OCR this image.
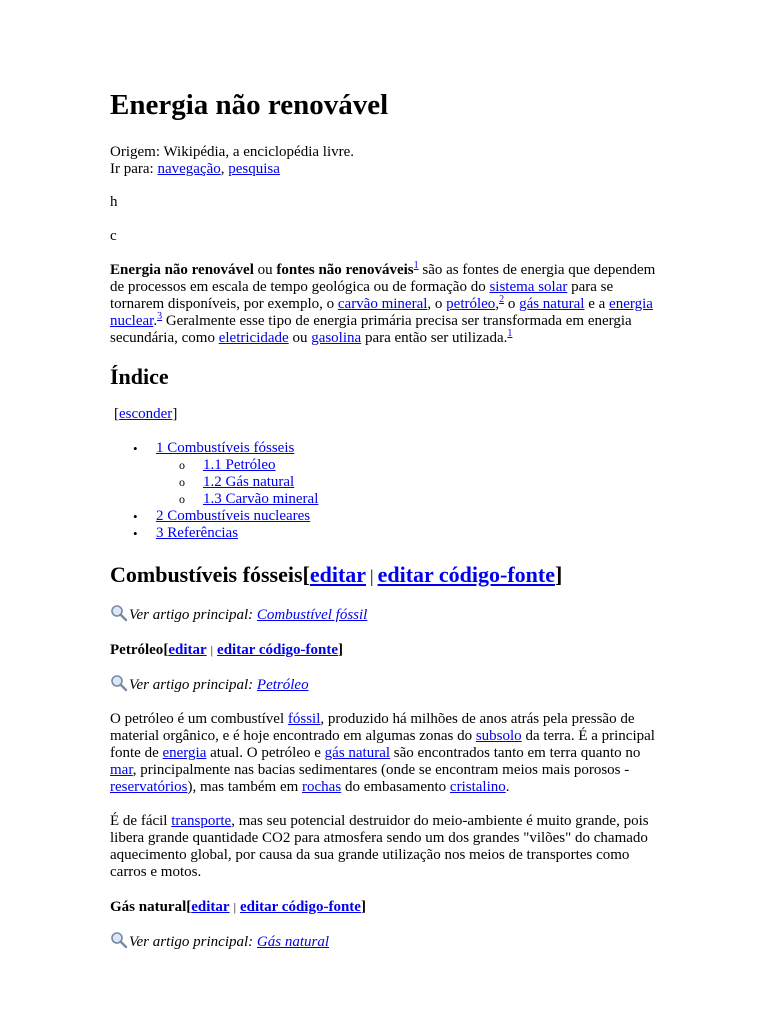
Energia não renovável

Origem: Wikipédia, a enciclopédia livre.

Ir para: navegação, pesquisa

h

c

Energia não renovável ou fontes não renováveis$^1$ são as fontes de energia que dependem de processos em escala de tempo geológica ou de formação do sistema solar para se tornarem disponíveis, por exemplo, o carvão mineral, o petróleo,$^2$ o gás natural e a energia nuclear.$^3$ Geralmente esse tipo de energia primária precisa ser transformada em energia secundária, como eletricidade ou gasolina para então ser utilizada.$^1$

Índice

[esconder]

• 1 Combustíveis fósseis
o 1.1 Petróleo
o 1.2 Gás natural
o 1.3 Carvão mineral
• 2 Combustíveis nucleares
• 3 Referências
Combustíveis fósseis[editar | editar código-fonte]

Ver artigo principal:
Combustível fóssil

Petróleo[editar | editar código-fonte]

Ver artigo principal:
Petróleo

O petróleo é um combustível fóssil, produzido há milhões de anos atrás pela pressão de material orgânico, e é hoje encontrado em algumas zonas do subsolo da terra. É a principal fonte de energia atual. O petróleo e gás natural são encontrados tanto em terra quanto no mar, principalmente nas bacias sedimentares (onde se encontram meios mais porosos - reservatórios), mas também em rochas do embasamento cristalino.

É de fácil transporte, mas seu potencial destruidor do meio-ambiente é muito grande, pois libera grande quantidade CO2 para atmosfera sendo um dos grandes "vilões" do chamado aquecimento global, por causa da sua grande utilização nos meios de transportes como carros e motos.

Gás natural[editar | editar código-fonte]

Ver artigo principal:
Gás natural
